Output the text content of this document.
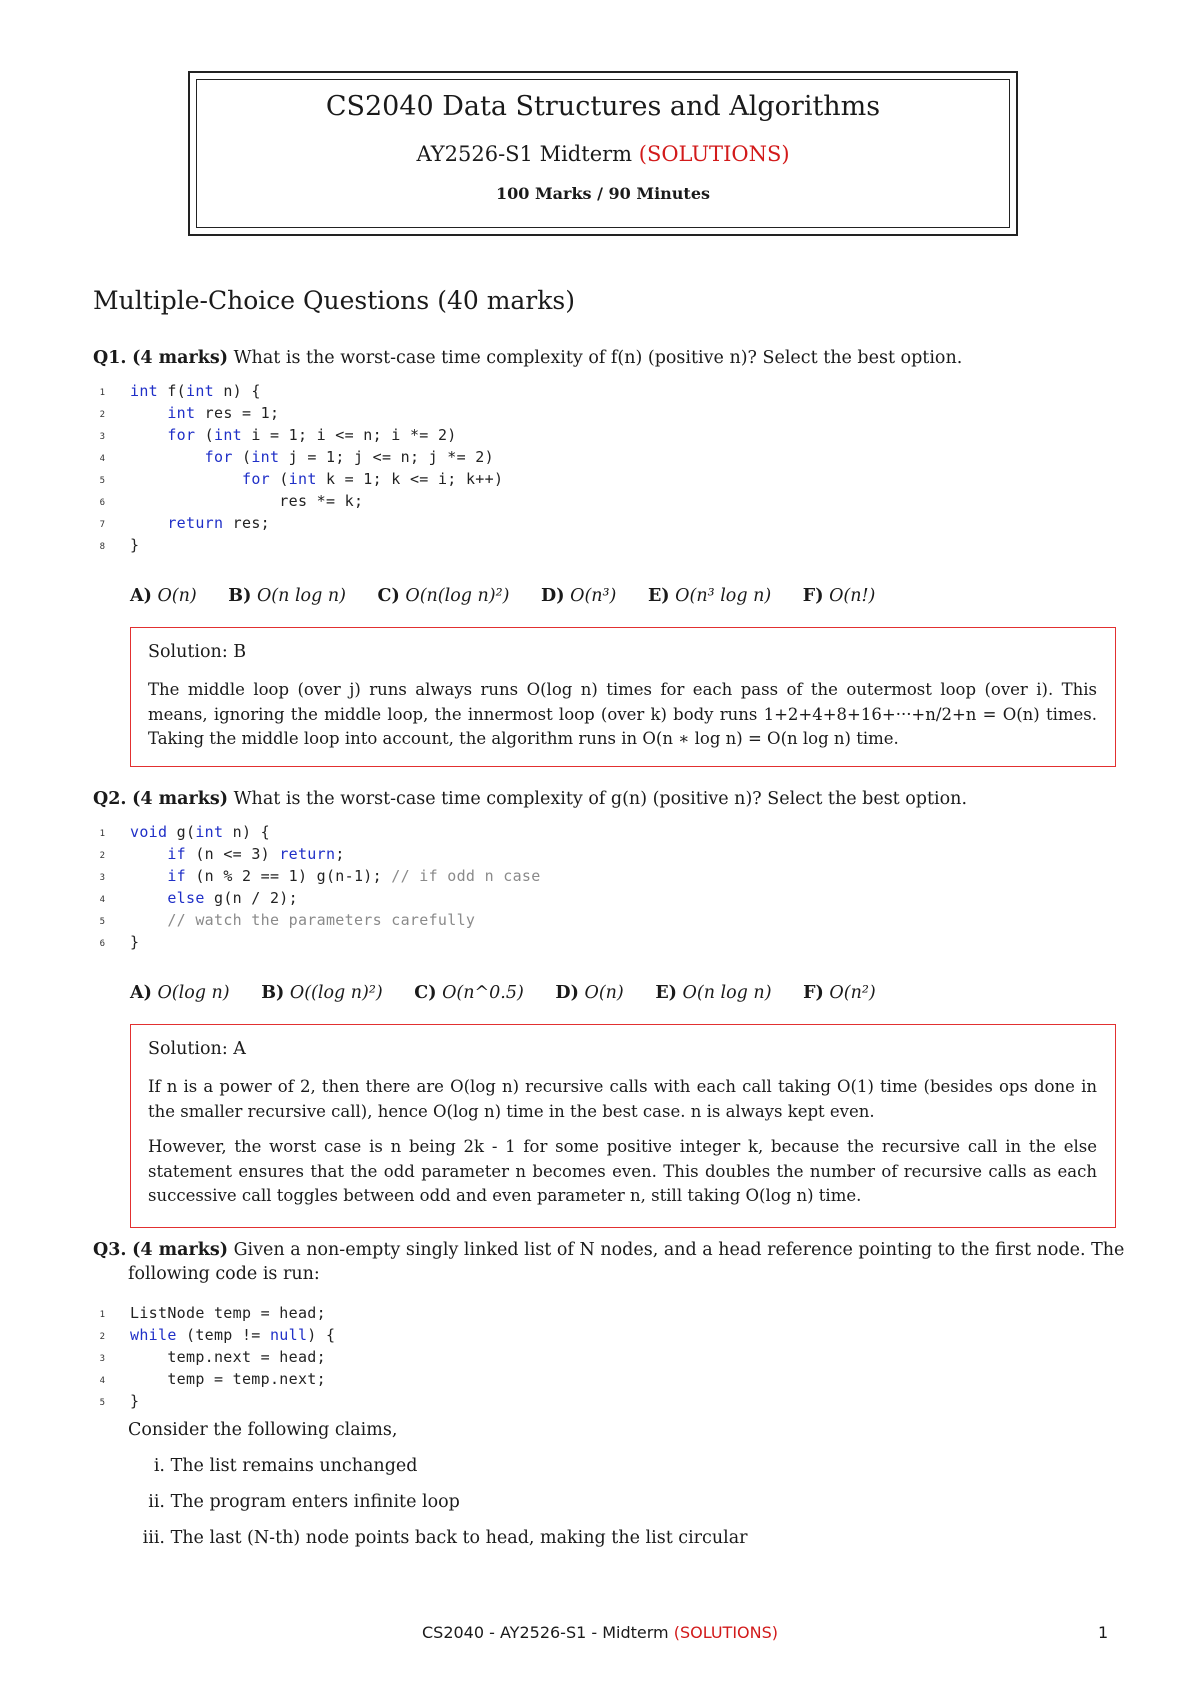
CS2040 Data Structures and Algorithms
AY2526-S1 Midterm (SOLUTIONS)
100 Marks / 90 Minutes
Multiple-Choice Questions (40 marks)
Q1. (4 marks) What is the worst-case time complexity of f(n) (positive n)? Select the best option.
1 int f(int n) {
2	int res = 1;
3	for (int i = 1; i <= n; i *= 2)
4	for (int j = 1; j <= n; j *= 2)
5	for (int k = 1; k <= i; k++)
6 res *= k;
7	return res;
8 }
A) O(n) B) O(n log n) C) O(n(log n)²) D) O(n³) E) O(n³ log n) F) O(n!)
Solution: B
The middle loop (over j) runs always runs O(log n) times for each pass of the outermost loop (over i). This means, ignoring the middle loop, the innermost loop (over k) body runs 1+2+4+8+16+···+n/2+n = O(n) times. Taking the middle loop into account, the algorithm runs in O(n ∗ log n) = O(n log n) time.
Q2. (4 marks) What is the worst-case time complexity of g(n) (positive n)? Select the best option.
1 void g(int n) {
2	if (n <= 3) return;
3	if (n % 2 == 1) g(n-1); // if odd n case
4	else g(n / 2);
5	// watch the parameters carefully
6 }
A) O(log n) B) O((log n)²) C) O(n^0.5) D) O(n) E) O(n log n) F) O(n²)
Solution: A
If n is a power of 2, then there are O(log n) recursive calls with each call taking O(1) time (besides ops done in the smaller recursive call), hence O(log n) time in the best case. n is always kept even.
However, the worst case is n being 2k - 1 for some positive integer k, because the recursive call in the else statement ensures that the odd parameter n becomes even. This doubles the number of recursive calls as each successive call toggles between odd and even parameter n, still taking O(log n) time.
Q3. (4 marks) Given a non-empty singly linked list of N nodes, and a head reference pointing to the first node. The
following code is run:
1 ListNode temp = head;
2 while (temp != null) {
3 temp.next = head;
4 temp = temp.next;
5 }
Consider the following claims,
i. The list remains unchanged
ii. The program enters infinite loop
iii. The last (N-th) node points back to head, making the list circular
CS2040 - AY2526-S1 - Midterm (SOLUTIONS)	1
